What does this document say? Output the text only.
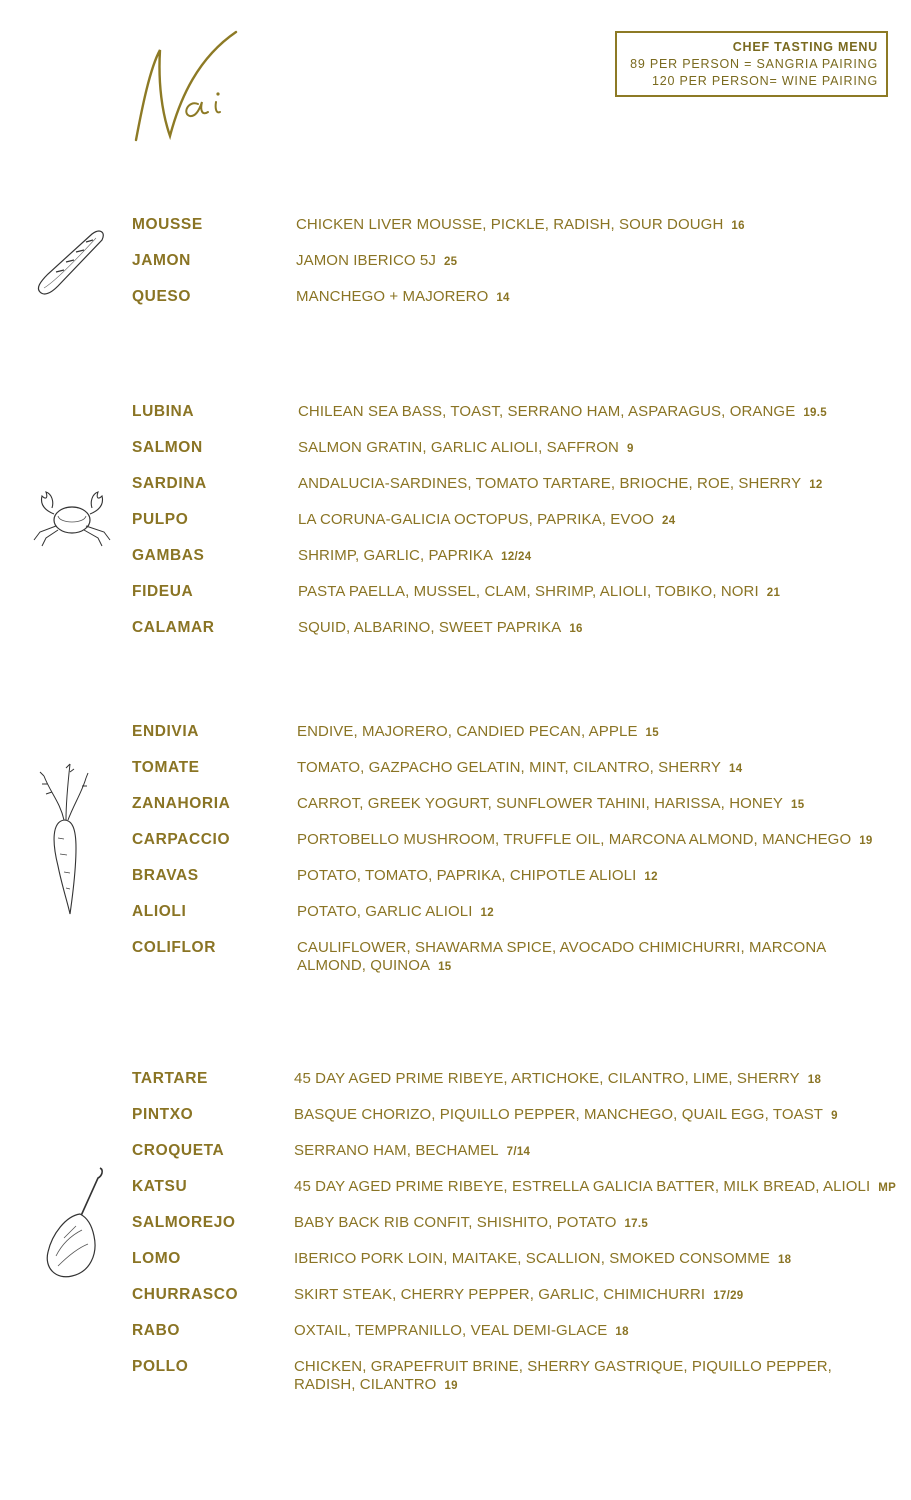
CHEF TASTING MENU
89 PER PERSON = SANGRIA PAIRING
120 PER PERSON= WINE PAIRING
MOUSSE	CHICKEN LIVER MOUSSE, PICKLE, RADISH, SOUR DOUGH 16
JAMON	JAMON IBERICO 5J 25
QUESO	MANCHEGO + MAJORERO 14
LUBINA	CHILEAN SEA BASS, TOAST, SERRANO HAM, ASPARAGUS, ORANGE 19.5
SALMON	SALMON GRATIN, GARLIC ALIOLI, SAFFRON 9
SARDINA	ANDALUCIA-SARDINES, TOMATO TARTARE, BRIOCHE, ROE, SHERRY 12
PULPO	LA CORUNA-GALICIA OCTOPUS, PAPRIKA, EVOO 24
GAMBAS	SHRIMP, GARLIC, PAPRIKA 12/24
FIDEUA	PASTA PAELLA, MUSSEL, CLAM, SHRIMP, ALIOLI, TOBIKO, NORI 21
CALAMAR	SQUID, ALBARINO, SWEET PAPRIKA 16
ENDIVIA	ENDIVE, MAJORERO, CANDIED PECAN, APPLE 15
TOMATE	TOMATO, GAZPACHO GELATIN, MINT, CILANTRO, SHERRY 14
ZANAHORIA	CARROT, GREEK YOGURT, SUNFLOWER TAHINI, HARISSA, HONEY 15
CARPACCIO	PORTOBELLO MUSHROOM, TRUFFLE OIL, MARCONA ALMOND, MANCHEGO 19
BRAVAS	POTATO, TOMATO, PAPRIKA, CHIPOTLE ALIOLI 12
ALIOLI	POTATO, GARLIC ALIOLI 12
COLIFLOR	CAULIFLOWER, SHAWARMA SPICE, AVOCADO CHIMICHURRI, MARCONA ALMOND, QUINOA 15
TARTARE	45 DAY AGED PRIME RIBEYE, ARTICHOKE, CILANTRO, LIME, SHERRY 18
PINTXO	BASQUE CHORIZO, PIQUILLO PEPPER, MANCHEGO, QUAIL EGG, TOAST 9
CROQUETA	SERRANO HAM, BECHAMEL 7/14
KATSU	45 DAY AGED PRIME RIBEYE, ESTRELLA GALICIA BATTER, MILK BREAD, ALIOLI MP
SALMOREJO	BABY BACK RIB CONFIT, SHISHITO, POTATO 17.5
LOMO	IBERICO PORK LOIN, MAITAKE, SCALLION, SMOKED CONSOMME 18
CHURRASCO	SKIRT STEAK, CHERRY PEPPER, GARLIC, CHIMICHURRI 17/29
RABO	OXTAIL, TEMPRANILLO, VEAL DEMI-GLACE 18
POLLO	CHICKEN, GRAPEFRUIT BRINE, SHERRY GASTRIQUE, PIQUILLO PEPPER, RADISH, CILANTRO 19
